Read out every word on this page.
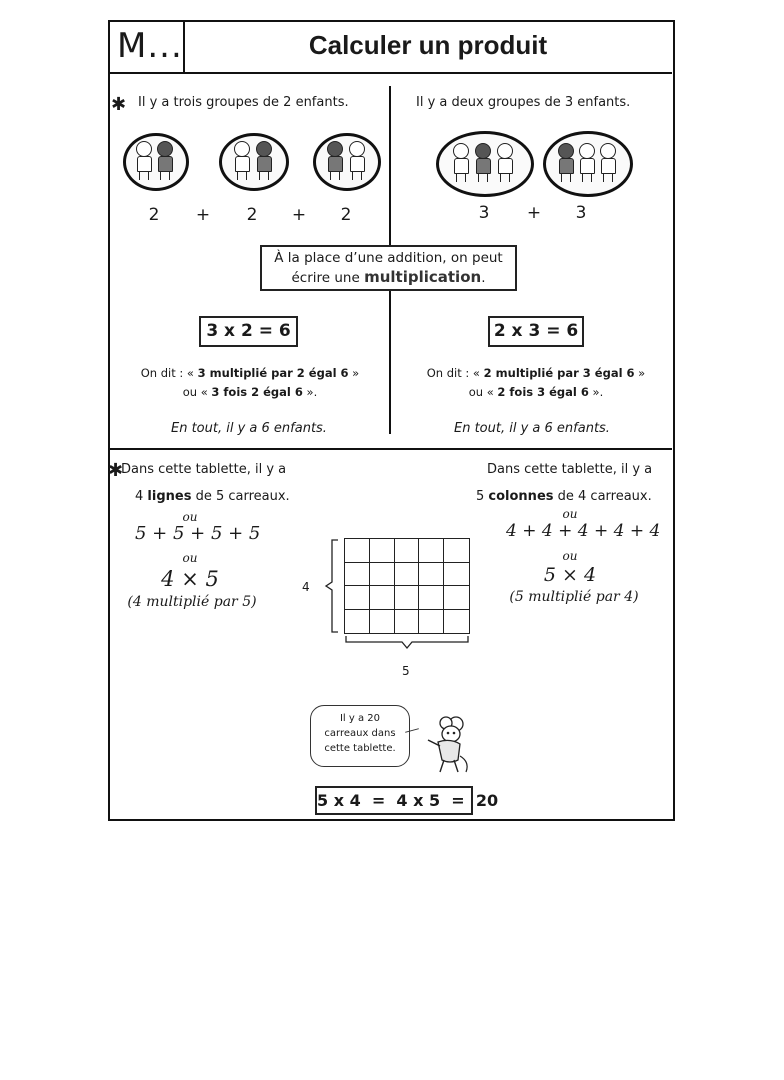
M...	Calculer un produit
✱ Il y a trois groupes de 2 enfants.	Il y a deux groupes de 3 enfants.
2	+	2	+	2	3	+	3
À la place d’une addition, on peut
écrire une multiplication.
3 x 2 = 6	2 x 3 = 6
On dit : « 3 multiplié par 2 égal 6 »
ou « 3 fois 2 égal 6 ».
On dit : « 2 multiplié par 3 égal 6 »
ou « 2 fois 3 égal 6 ».
En tout, il y a 6 enfants.	En tout, il y a 6 enfants.
✱
Dans cette tablette, il y a
4 lignes de 5 carreaux.
ou
5 + 5 + 5 + 5
ou
4 × 5
(4 multiplié par 5)
Dans cette tablette, il y a
5 colonnes de 4 carreaux.
ou
4 + 4 + 4 + 4 + 4
ou
5 × 4
(5 multiplié par 4)
4
5
Il y a 20
carreaux dans
cette tablette.
5 x 4  =  4 x 5  =  20
